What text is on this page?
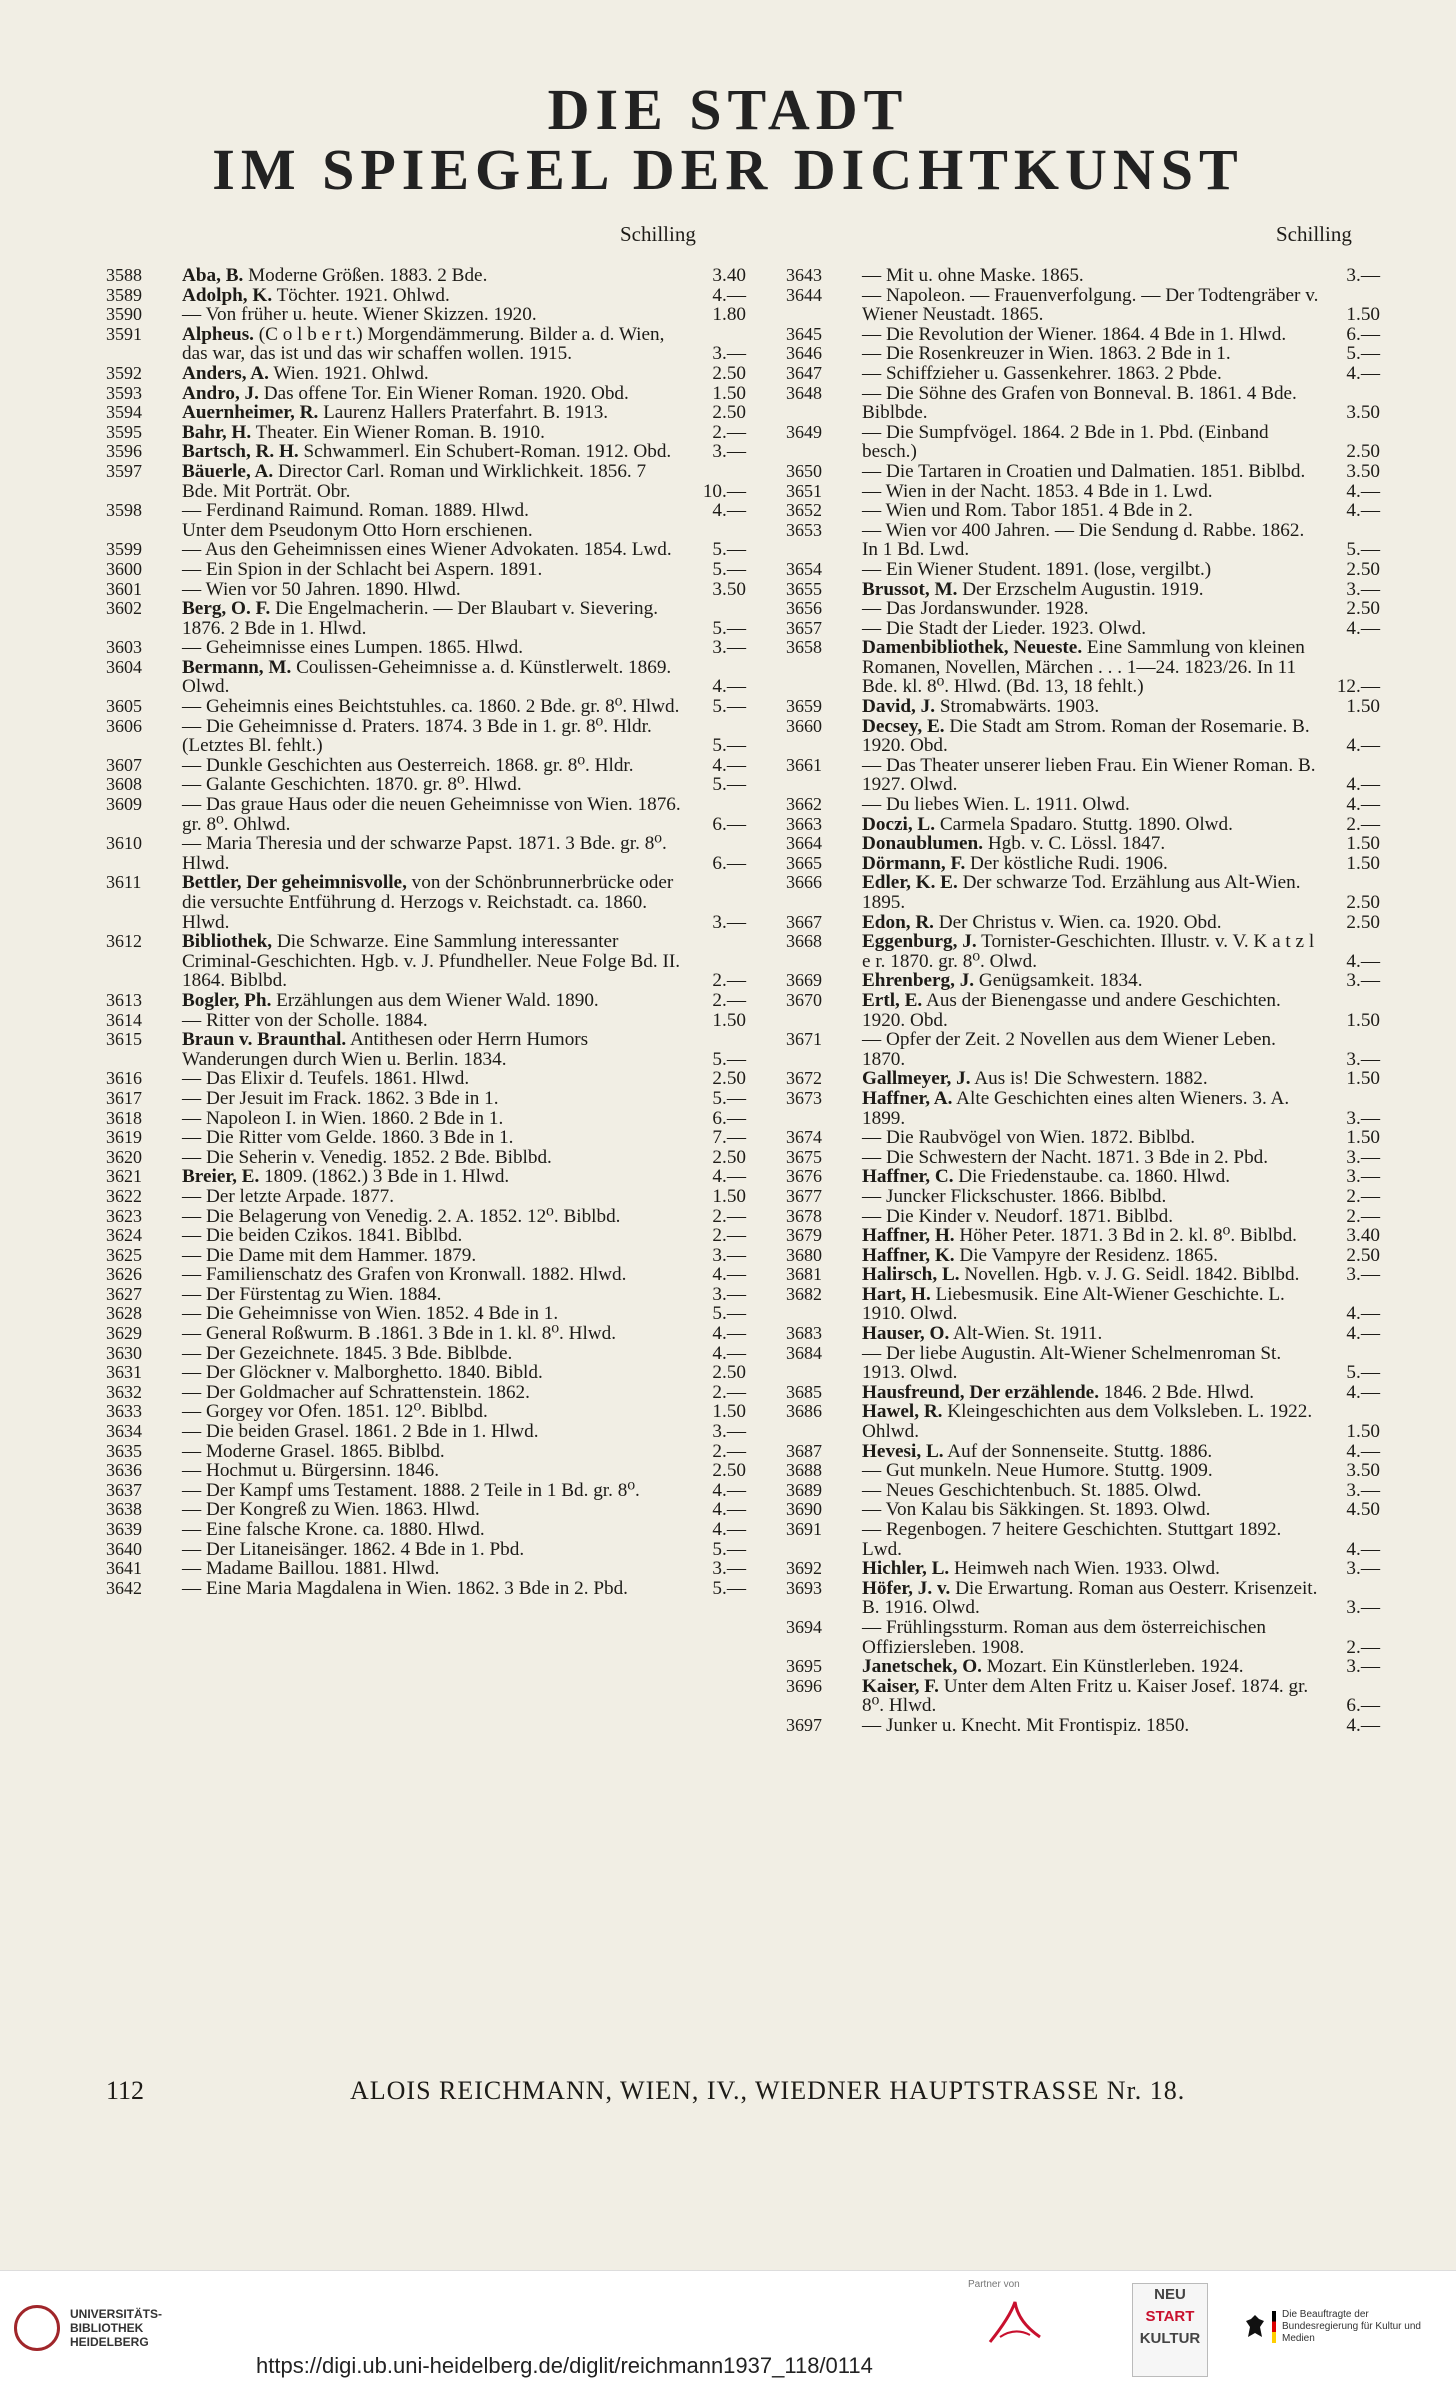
DIE STADT
IM SPIEGEL DER DICHTKUNST
Schilling	Schilling
3588	Aba, B. Moderne Größen. 1883. 2 Bde.	3.40
3589	Adolph, K. Töchter. 1921. Ohlwd.	4.—
3590	— Von früher u. heute. Wiener Skizzen. 1920.	1.80
3591	Alpheus. (C o l b e r t.) Morgendämmerung. Bilder a. d. Wien, das war, das ist und das wir schaffen wollen. 1915.	3.—
3592	Anders, A. Wien. 1921. Ohlwd.	2.50
3593	Andro, J. Das offene Tor. Ein Wiener Roman. 1920. Obd.	1.50
3594	Auernheimer, R. Laurenz Hallers Praterfahrt. B. 1913.	2.50
3595	Bahr, H. Theater. Ein Wiener Roman. B. 1910.	2.—
3596	Bartsch, R. H. Schwammerl. Ein Schubert-Roman. 1912. Obd.	3.—
3597	Bäuerle, A. Director Carl. Roman und Wirklichkeit. 1856. 7 Bde. Mit Porträt. Obr.	10.—
3598	— Ferdinand Raimund. Roman. 1889. Hlwd.	4.—
Unter dem Pseudonym Otto Horn erschienen.
3599	— Aus den Geheimnissen eines Wiener Advokaten. 1854. Lwd.	5.—
3600	— Ein Spion in der Schlacht bei Aspern. 1891.	5.—
3601	— Wien vor 50 Jahren. 1890. Hlwd.	3.50
3602	Berg, O. F. Die Engelmacherin. — Der Blaubart v. Sievering. 1876. 2 Bde in 1. Hlwd.	5.—
3603	— Geheimnisse eines Lumpen. 1865. Hlwd.	3.—
3604	Bermann, M. Coulissen-Geheimnisse a. d. Künstlerwelt. 1869. Olwd.	4.—
3605	— Geheimnis eines Beichtstuhles. ca. 1860. 2 Bde. gr. 8⁰. Hlwd.	5.—
3606	— Die Geheimnisse d. Praters. 1874. 3 Bde in 1. gr. 8⁰. Hldr. (Letztes Bl. fehlt.)	5.—
3607	— Dunkle Geschichten aus Oesterreich. 1868. gr. 8⁰. Hldr.	4.—
3608	— Galante Geschichten. 1870. gr. 8⁰. Hlwd.	5.—
3609	— Das graue Haus oder die neuen Geheimnisse von Wien. 1876. gr. 8⁰. Ohlwd.	6.—
3610	— Maria Theresia und der schwarze Papst. 1871. 3 Bde. gr. 8⁰. Hlwd.	6.—
3611	Bettler, Der geheimnisvolle, von der Schönbrunnerbrücke oder die versuchte Entführung d. Herzogs v. Reichstadt. ca. 1860. Hlwd.	3.—
3612	Bibliothek, Die Schwarze. Eine Sammlung interessanter Criminal-Geschichten. Hgb. v. J. Pfundheller. Neue Folge Bd. II. 1864. Biblbd.	2.—
3613	Bogler, Ph. Erzählungen aus dem Wiener Wald. 1890.	2.—
3614	— Ritter von der Scholle. 1884.	1.50
3615	Braun v. Braunthal. Antithesen oder Herrn Humors Wanderungen durch Wien u. Berlin. 1834.	5.—
3616	— Das Elixir d. Teufels. 1861. Hlwd.	2.50
3617	— Der Jesuit im Frack. 1862. 3 Bde in 1.	5.—
3618	— Napoleon I. in Wien. 1860. 2 Bde in 1.	6.—
3619	— Die Ritter vom Gelde. 1860. 3 Bde in 1.	7.—
3620	— Die Seherin v. Venedig. 1852. 2 Bde. Biblbd.	2.50
3621	Breier, E. 1809. (1862.) 3 Bde in 1. Hlwd.	4.—
3622	— Der letzte Arpade. 1877.	1.50
3623	— Die Belagerung von Venedig. 2. A. 1852. 12⁰. Biblbd.	2.—
3624	— Die beiden Czikos. 1841. Biblbd.	2.—
3625	— Die Dame mit dem Hammer. 1879.	3.—
3626	— Familienschatz des Grafen von Kronwall. 1882. Hlwd.	4.—
3627	— Der Fürstentag zu Wien. 1884.	3.—
3628	— Die Geheimnisse von Wien. 1852. 4 Bde in 1.	5.—
3629	— General Roßwurm. B .1861. 3 Bde in 1. kl. 8⁰. Hlwd.	4.—
3630	— Der Gezeichnete. 1845. 3 Bde. Biblbde.	4.—
3631	— Der Glöckner v. Malborghetto. 1840. Bibld.	2.50
3632	— Der Goldmacher auf Schrattenstein. 1862.	2.—
3633	— Gorgey vor Ofen. 1851. 12⁰. Biblbd.	1.50
3634	— Die beiden Grasel. 1861. 2 Bde in 1. Hlwd.	3.—
3635	— Moderne Grasel. 1865. Biblbd.	2.—
3636	— Hochmut u. Bürgersinn. 1846.	2.50
3637	— Der Kampf ums Testament. 1888. 2 Teile in 1 Bd. gr. 8⁰.	4.—
3638	— Der Kongreß zu Wien. 1863. Hlwd.	4.—
3639	— Eine falsche Krone. ca. 1880. Hlwd.	4.—
3640	— Der Litaneisänger. 1862. 4 Bde in 1. Pbd.	5.—
3641	— Madame Baillou. 1881. Hlwd.	3.—
3642	— Eine Maria Magdalena in Wien. 1862. 3 Bde in 2. Pbd.	5.—
3643	— Mit u. ohne Maske. 1865.	3.—
3644	— Napoleon. — Frauenverfolgung. — Der Todtengräber v. Wiener Neustadt. 1865.	1.50
3645	— Die Revolution der Wiener. 1864. 4 Bde in 1. Hlwd.	6.—
3646	— Die Rosenkreuzer in Wien. 1863. 2 Bde in 1.	5.—
3647	— Schiffzieher u. Gassenkehrer. 1863. 2 Pbde.	4.—
3648	— Die Söhne des Grafen von Bonneval. B. 1861. 4 Bde. Biblbde.	3.50
3649	— Die Sumpfvögel. 1864. 2 Bde in 1. Pbd. (Einband besch.)	2.50
3650	— Die Tartaren in Croatien und Dalmatien. 1851. Biblbd.	3.50
3651	— Wien in der Nacht. 1853. 4 Bde in 1. Lwd.	4.—
3652	— Wien und Rom. Tabor 1851. 4 Bde in 2.	4.—
3653	— Wien vor 400 Jahren. — Die Sendung d. Rabbe. 1862. In 1 Bd. Lwd.	5.—
3654	— Ein Wiener Student. 1891. (lose, vergilbt.)	2.50
3655	Brussot, M. Der Erzschelm Augustin. 1919.	3.—
3656	— Das Jordanswunder. 1928.	2.50
3657	— Die Stadt der Lieder. 1923. Olwd.	4.—
3658	Damenbibliothek, Neueste. Eine Sammlung von kleinen Romanen, Novellen, Märchen . . . 1—24. 1823/26. In 11 Bde. kl. 8⁰. Hlwd. (Bd. 13, 18 fehlt.)	12.—
3659	David, J. Stromabwärts. 1903.	1.50
3660	Decsey, E. Die Stadt am Strom. Roman der Rosemarie. B. 1920. Obd.	4.—
3661	— Das Theater unserer lieben Frau. Ein Wiener Roman. B. 1927. Olwd.	4.—
3662	— Du liebes Wien. L. 1911. Olwd.	4.—
3663	Doczi, L. Carmela Spadaro. Stuttg. 1890. Olwd.	2.—
3664	Donaublumen. Hgb. v. C. Lössl. 1847.	1.50
3665	Dörmann, F. Der köstliche Rudi. 1906.	1.50
3666	Edler, K. E. Der schwarze Tod. Erzählung aus Alt-Wien. 1895.	2.50
3667	Edon, R. Der Christus v. Wien. ca. 1920. Obd.	2.50
3668	Eggenburg, J. Tornister-Geschichten. Illustr. v. V. K a t z l e r. 1870. gr. 8⁰. Olwd.	4.—
3669	Ehrenberg, J. Genügsamkeit. 1834.	3.—
3670	Ertl, E. Aus der Bienengasse und andere Geschichten. 1920. Obd.	1.50
3671	— Opfer der Zeit. 2 Novellen aus dem Wiener Leben. 1870.	3.—
3672	Gallmeyer, J. Aus is! Die Schwestern. 1882.	1.50
3673	Haffner, A. Alte Geschichten eines alten Wieners. 3. A. 1899.	3.—
3674	— Die Raubvögel von Wien. 1872. Biblbd.	1.50
3675	— Die Schwestern der Nacht. 1871. 3 Bde in 2. Pbd.	3.—
3676	Haffner, C. Die Friedenstaube. ca. 1860. Hlwd.	3.—
3677	— Juncker Flickschuster. 1866. Biblbd.	2.—
3678	— Die Kinder v. Neudorf. 1871. Biblbd.	2.—
3679	Haffner, H. Höher Peter. 1871. 3 Bd in 2. kl. 8⁰. Biblbd.	3.40
3680	Haffner, K. Die Vampyre der Residenz. 1865.	2.50
3681	Halirsch, L. Novellen. Hgb. v. J. G. Seidl. 1842. Biblbd.	3.—
3682	Hart, H. Liebesmusik. Eine Alt-Wiener Geschichte. L. 1910. Olwd.	4.—
3683	Hauser, O. Alt-Wien. St. 1911.	4.—
3684	— Der liebe Augustin. Alt-Wiener Schelmenroman St. 1913. Olwd.	5.—
3685	Hausfreund, Der erzählende. 1846. 2 Bde. Hlwd.	4.—
3686	Hawel, R. Kleingeschichten aus dem Volksleben. L. 1922. Ohlwd.	1.50
3687	Hevesi, L. Auf der Sonnenseite. Stuttg. 1886.	4.—
3688	— Gut munkeln. Neue Humore. Stuttg. 1909.	3.50
3689	— Neues Geschichtenbuch. St. 1885. Olwd.	3.—
3690	— Von Kalau bis Säkkingen. St. 1893. Olwd.	4.50
3691	— Regenbogen. 7 heitere Geschichten. Stuttgart 1892. Lwd.	4.—
3692	Hichler, L. Heimweh nach Wien. 1933. Olwd.	3.—
3693	Höfer, J. v. Die Erwartung. Roman aus Oesterr. Krisenzeit. B. 1916. Olwd.	3.—
3694	— Frühlingssturm. Roman aus dem österreichischen Offiziersleben. 1908.	2.—
3695	Janetschek, O. Mozart. Ein Künstlerleben. 1924.	3.—
3696	Kaiser, F. Unter dem Alten Fritz u. Kaiser Josef. 1874. gr. 8⁰. Hlwd.	6.—
3697	— Junker u. Knecht. Mit Frontispiz. 1850.	4.—
112	ALOIS REICHMANN, WIEN, IV., WIEDNER HAUPTSTRASSE Nr. 18.
UNIVERSITÄTS- BIBLIOTHEK HEIDELBERG
https://digi.ub.uni-heidelberg.de/diglit/reichmann1937_118/0114
Partner von
NEU
START
KULTUR
Die Beauftragte der Bundesregierung für Kultur und Medien
